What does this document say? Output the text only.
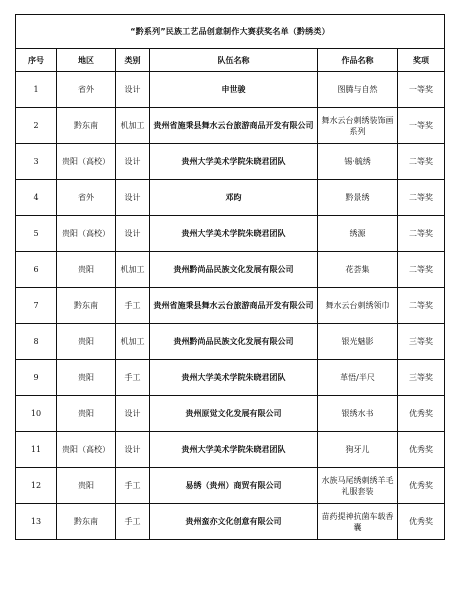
“黔系列”民族工艺品创意制作大赛获奖名单（黔绣类）					
序号	地区	类别	队伍名称	作品名称	奖项
1	省外	设计	申世骏	图腾与自然	一等奖
2	黔东南	机加工	贵州省施秉县舞水云台旅游商品开发有限公司	舞水云台刺绣装饰画系列	一等奖
3	贵阳（高校）	设计	贵州大学美术学院朱晓君团队	锡·毓绣	二等奖
4	省外	设计	邓昀	黔景绣	二等奖
5	贵阳（高校）	设计	贵州大学美术学院朱晓君团队	绣源	二等奖
6	贵阳	机加工	贵州黔尚品民族文化发展有限公司	花荟集	二等奖
7	黔东南	手工	贵州省施秉县舞水云台旅游商品开发有限公司	舞水云台刺绣领巾	二等奖
8	贵阳	机加工	贵州黔尚品民族文化发展有限公司	银光魅影	三等奖
9	贵阳	手工	贵州大学美术学院朱晓君团队	革悟/半尺	三等奖
10	贵阳	设计	贵州原觉文化发展有限公司	银绣水书	优秀奖
11	贵阳（高校）	设计	贵州大学美术学院朱晓君团队	狗牙儿	优秀奖
12	贵阳	手工	易绣（贵州）商贸有限公司	水族马尾绣刺绣羊毛礼服套装	优秀奖
13	黔东南	手工	贵州蛮亦文化创意有限公司	苗药提神抗菌车载香囊	优秀奖
